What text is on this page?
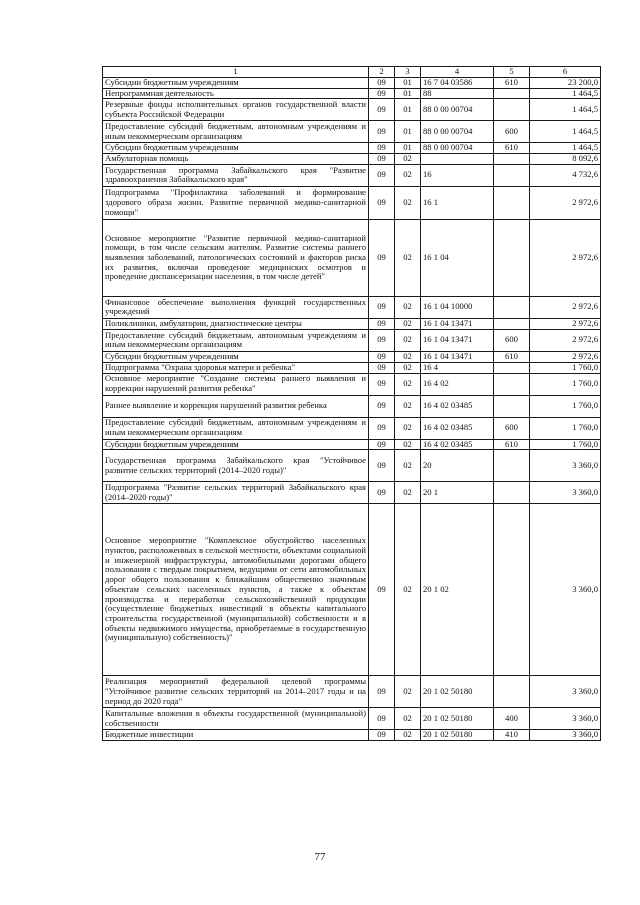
1	2	3	4	5	6
Субсидии бюджетным учреждениям	09	01	16 7 04 03586	610	23 200,0
Непрограммная деятельность	09	01	88		1 464,5
Резервные фонды исполнительных органов государственной власти субъекта Российской Федерации	09	01	88 0 00 00704		1 464,5
Предоставление субсидий бюджетным, автономным учреждениям и иным некоммерческим организациям	09	01	88 0 00 00704	600	1 464,5
Субсидии бюджетным учреждениям	09	01	88 0 00 00704	610	1 464,5
Амбулаторная помощь	09	02			8 092,6
Государственная программа Забайкальского края "Развитие здравоохранения Забайкальского края"	09	02	16		4 732,6
Подпрограмма "Профилактика заболеваний и формирование здорового образа жизни. Развитие первичной медико-санитарной помощи"	09	02	16 1		2 972,6
Основное мероприятие "Развитие первичной медико-санитарной помощи, в том числе сельским жителям. Развитие системы раннего выявления заболеваний, патологических состояний и факторов риска их развития, включая проведение медицинских осмотров и проведение диспансеризации населения, в том числе детей"	09	02	16 1 04		2 972,6
Финансовое обеспечение выполнения функций государственных учреждений	09	02	16 1 04 10000		2 972,6
Поликлиники, амбулатории, диагностические центры	09	02	16 1 04 13471		2 972,6
Предоставление субсидий бюджетным, автономным учреждениям и иным некоммерческим организациям	09	02	16 1 04 13471	600	2 972,6
Субсидии бюджетным учреждениям	09	02	16 1 04 13471	610	2 972,6
Подпрограмма "Охрана здоровья матери и ребенка"	09	02	16 4		1 760,0
Основное мероприятие "Создание системы раннего выявления и коррекции нарушений развития ребенка"	09	02	16 4 02		1 760,0
Раннее выявление и коррекция нарушений развития ребенка	09	02	16 4 02 03485		1 760,0
Предоставление субсидий бюджетным, автономным учреждениям и иным некоммерческим организациям	09	02	16 4 02 03485	600	1 760,0
Субсидии бюджетным учреждениям	09	02	16 4 02 03485	610	1 760,0
Государственная программа Забайкальского края "Устойчивое развитие сельских территорий (2014–2020 годы)"	09	02	20		3 360,0
Подпрограмма "Развитие сельских территорий Забайкальского края (2014–2020 годы)"	09	02	20 1		3 360,0
Основное мероприятие "Комплексное обустройство населенных пунктов, расположенных в сельской местности, объектами социальной и инженерной инфраструктуры, автомобильными дорогами общего пользования с твердым покрытием, ведущими от сети автомобильных дорог общего пользования к ближайшим общественно значимым объектам сельских населенных пунктов, а также к объектам производства и переработки сельскохозяйственной продукции (осуществление бюджетных инвестиций в объекты капитального строительства государственной (муниципальной) собственности и в объекты недвижимого имущества, приобретаемые в государственную (муниципальную) собственность)"	09	02	20 1 02		3 360,0
Реализация мероприятий федеральной целевой программы "Устойчивое развитие сельских территорий на 2014–2017 годы и на период до 2020 года"	09	02	20 1 02 50180		3 360,0
Капитальные вложения в объекты государственной (муниципальной) собственности	09	02	20 1 02 50180	400	3 360,0
Бюджетные инвестиции	09	02	20 1 02 50180	410	3 360,0
77
